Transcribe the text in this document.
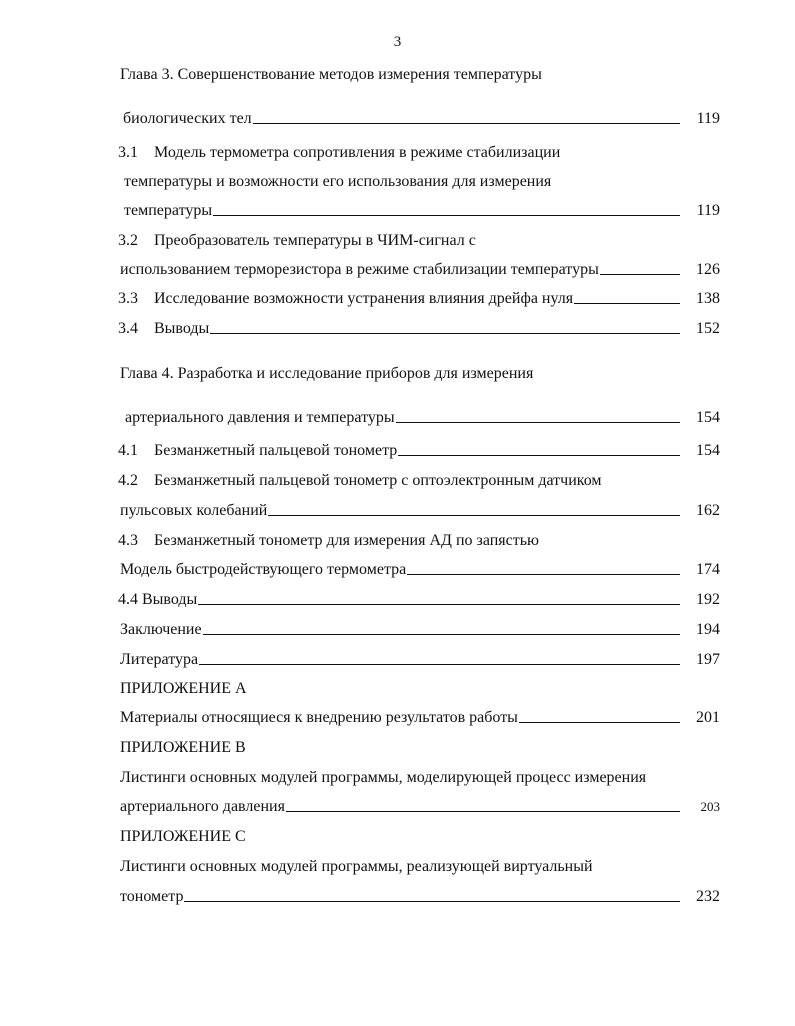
3
Глава 3. Совершенствование методов измерения температуры
биологических тел	119
3.1 Модель термометра сопротивления в режиме стабилизации
температуры и возможности его использования для измерения
температуры	119
3.2 Преобразователь температуры в ЧИМ-сигнал с
использованием терморезистора в режиме стабилизации температуры	126
3.3	Исследование возможности устранения влияния дрейфа нуля	138
3.4	Выводы	152
Глава 4. Разработка и исследование приборов для измерения
артериального давления и температуры	154
4.1	Безманжетный пальцевой тонометр	154
4.2 Безманжетный пальцевой тонометр с оптоэлектронным датчиком
пульсовых колебаний	162
4.3 Безманжетный тонометр для измерения АД по запястью
Модель быстродействующего термометра	174
4.4 Выводы	192
Заключение	194
Литература	197
ПРИЛОЖЕНИЕ А
Материалы относящиеся к внедрению результатов работы	201
ПРИЛОЖЕНИЕ В
Листинги основных модулей программы, моделирующей процесс измерения
артериального давления	203
ПРИЛОЖЕНИЕ С
Листинги основных модулей программы, реализующей виртуальный
тонометр	232
